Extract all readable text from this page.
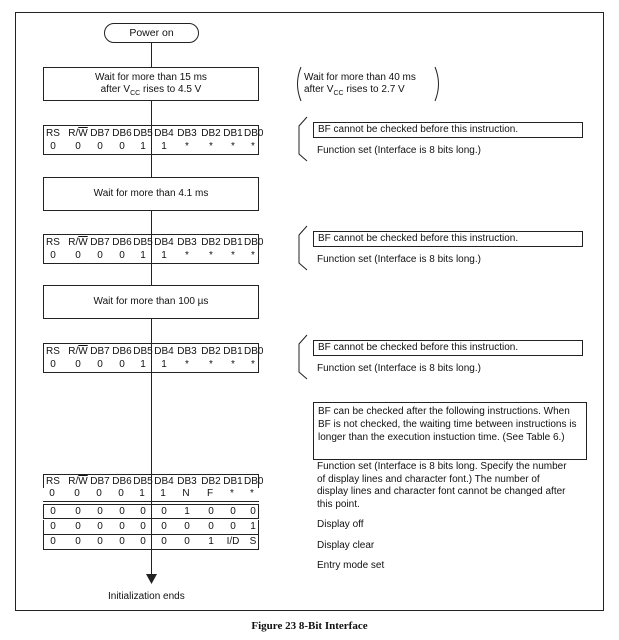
Power on
Wait for more than 15 ms
after $V_{CC}$ rises to 4.5 V
Wait for more than 40 ms
after $V_{CC}$ rises to 2.7 V
RS $R/\overline{W}$ DB7 DB6 DB5 DB4 DB3 DB2 DB1 DB0
0	0	0	0	1	1	*	*	*	*
BF cannot be checked before this instruction.
Function set (Interface is 8 bits long.)
Wait for more than 4.1 ms
RS $R/\overline{W}$ DB7 DB6 DB5 DB4 DB3 DB2 DB1 DB0
0	0	0	0	1	1	*	*	*	*
BF cannot be checked before this instruction.
Function set (Interface is 8 bits long.)
Wait for more than 100 µs
RS $R/\overline{W}$ DB7 DB6 DB5 DB4 DB3 DB2 DB1 DB0
0	0	0	0	1	1	*	*	*	*
BF cannot be checked before this instruction.
Function set (Interface is 8 bits long.)
BF can be checked after the following instructions. When BF is not checked, the waiting time between instructions is longer than the execution instuction time. (See Table 6.)
Function set (Interface is 8 bits long. Specify the number of display lines and character font.) The number of display lines and character font cannot be changed after this point.
Display off
Display clear
Entry mode set
RS $R/\overline{W}$ DB7 DB6 DB5 DB4 DB3 DB2 DB1 DB0
0	0	0	0	1	1	N	F	*	*
0	0	0	0	0	0	1	0	0	0
0	0	0	0	0	0	0	0	0	1
0	0	0	0	0	0	0	1	I/D	S
Initialization ends
Figure 23 8-Bit Interface
